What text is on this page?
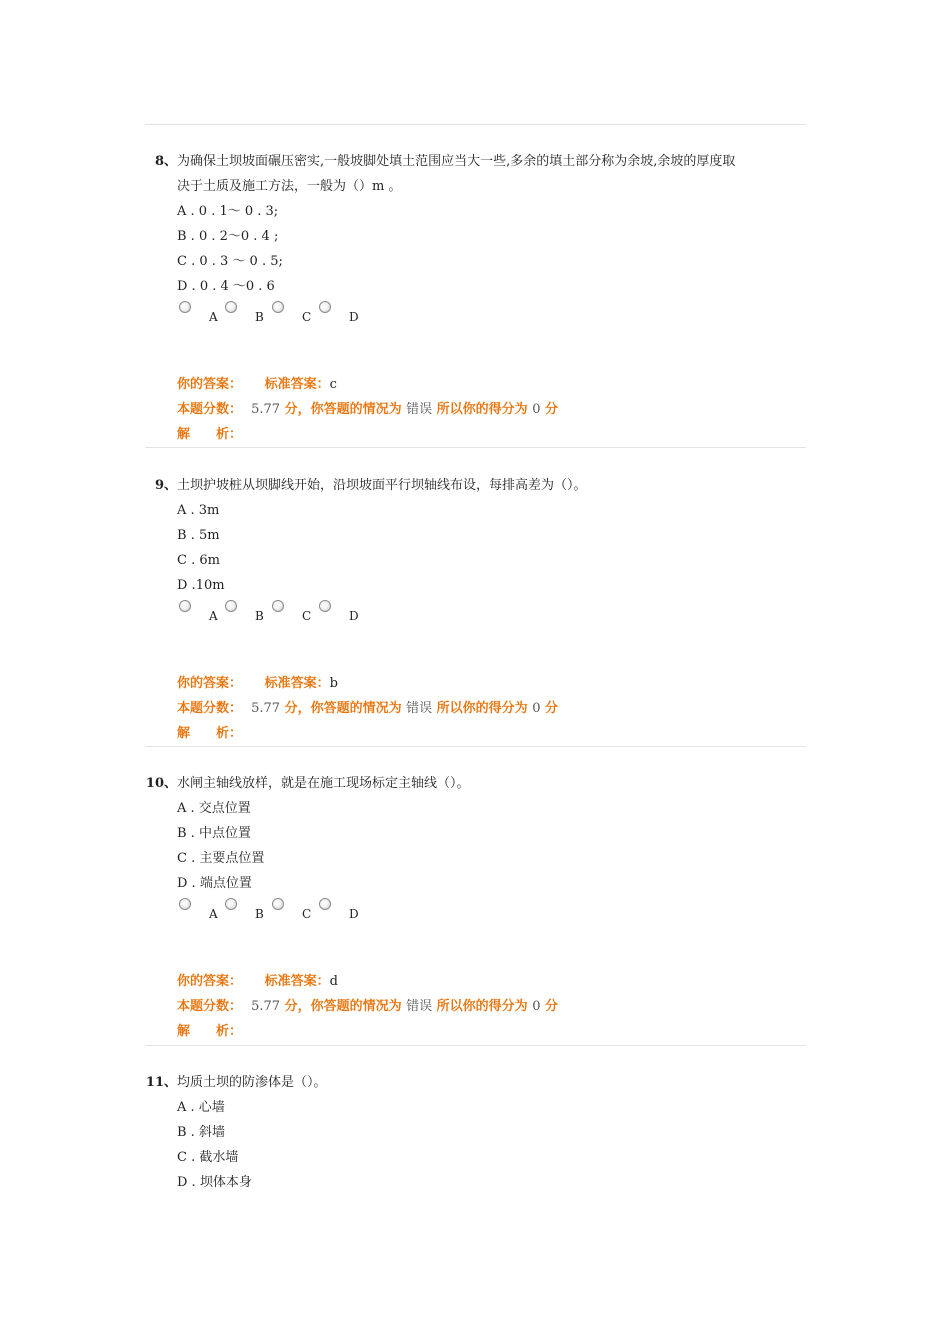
8、 为确保土坝坡面碾压密实,一般坡脚处填土范围应当大一些,多余的填土部分称为余坡,余坡的厚度取
决于土质及施工方法，一般为（）m 。
A . 0 . 1～ 0 . 3;
B . 0 . 2～0 . 4 ;
C . 0 . 3 ～ 0 . 5;
D . 0 . 4 ～0 . 6
A	B	C	D
你的答案： 标准答案：c
本题分数： 5.77 分，你答题的情况为 错误 所以你的得分为 0 分
解　　析：
9、 土坝护坡桩从坝脚线开始，沿坝坡面平行坝轴线布设，每排高差为（）。
A . 3m
B . 5m
C . 6m
D .10m
A	B	C	D
你的答案： 标准答案：b
本题分数： 5.77 分，你答题的情况为 错误 所以你的得分为 0 分
解　　析：
10、 水闸主轴线放样，就是在施工现场标定主轴线（）。
A . 交点位置
B . 中点位置
C . 主要点位置
D . 端点位置
A	B	C	D
你的答案： 标准答案：d
本题分数： 5.77 分，你答题的情况为 错误 所以你的得分为 0 分
解　　析：
11、 均质土坝的防渗体是（）。
A . 心墙
B . 斜墙
C . 截水墙
D . 坝体本身
